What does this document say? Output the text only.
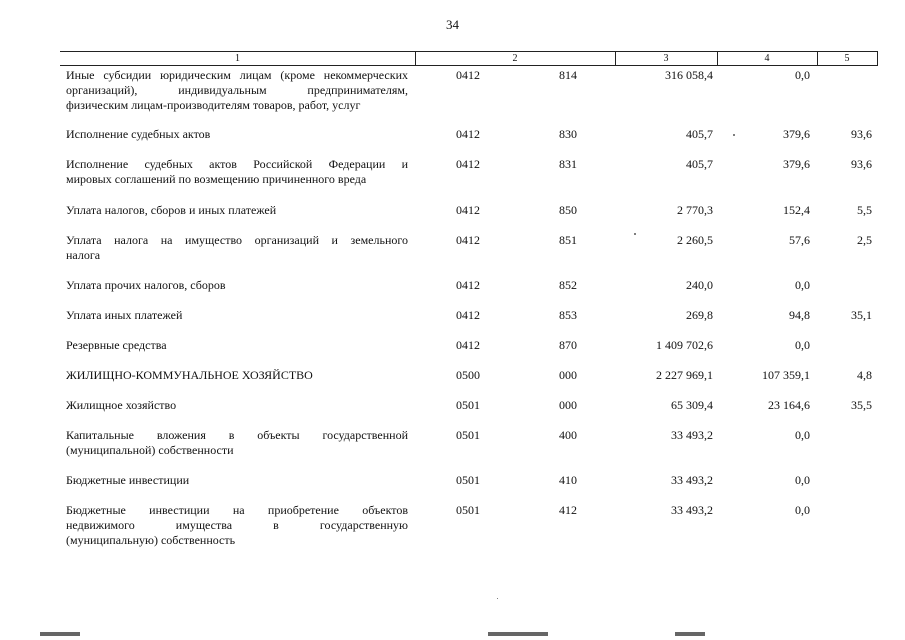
34
1	2	3	4	5
Иные субсидии юридическим лицам (кроме некоммерческих
организаций), индивидуальным предпринимателям,
физическим лицам-производителям товаров, работ, услуг
0412	814	316 058,4	0,0
Исполнение судебных актов	0412	830	405,7	379,6	93,6
Исполнение судебных актов Российской Федерации и
мировых соглашений по возмещению причиненного вреда
0412	831	405,7	379,6	93,6
Уплата налогов, сборов и иных платежей	0412	850	2 770,3	152,4	5,5
Уплата налога на имущество организаций и земельного
налога
0412	851	2 260,5	57,6	2,5
Уплата прочих налогов, сборов	0412	852	240,0	0,0
Уплата иных платежей	0412	853	269,8	94,8	35,1
Резервные средства	0412	870	1 409 702,6	0,0
ЖИЛИЩНО-КОММУНАЛЬНОЕ ХОЗЯЙСТВО	0500	000	2 227 969,1	107 359,1	4,8
Жилищное хозяйство	0501	000	65 309,4	23 164,6	35,5
Капитальные вложения в объекты государственной
(муниципальной) собственности
0501	400	33 493,2	0,0
Бюджетные инвестиции	0501	410	33 493,2	0,0
Бюджетные инвестиции на приобретение объектов
недвижимого имущества в государственную
(муниципальную) собственность
0501	412	33 493,2	0,0
